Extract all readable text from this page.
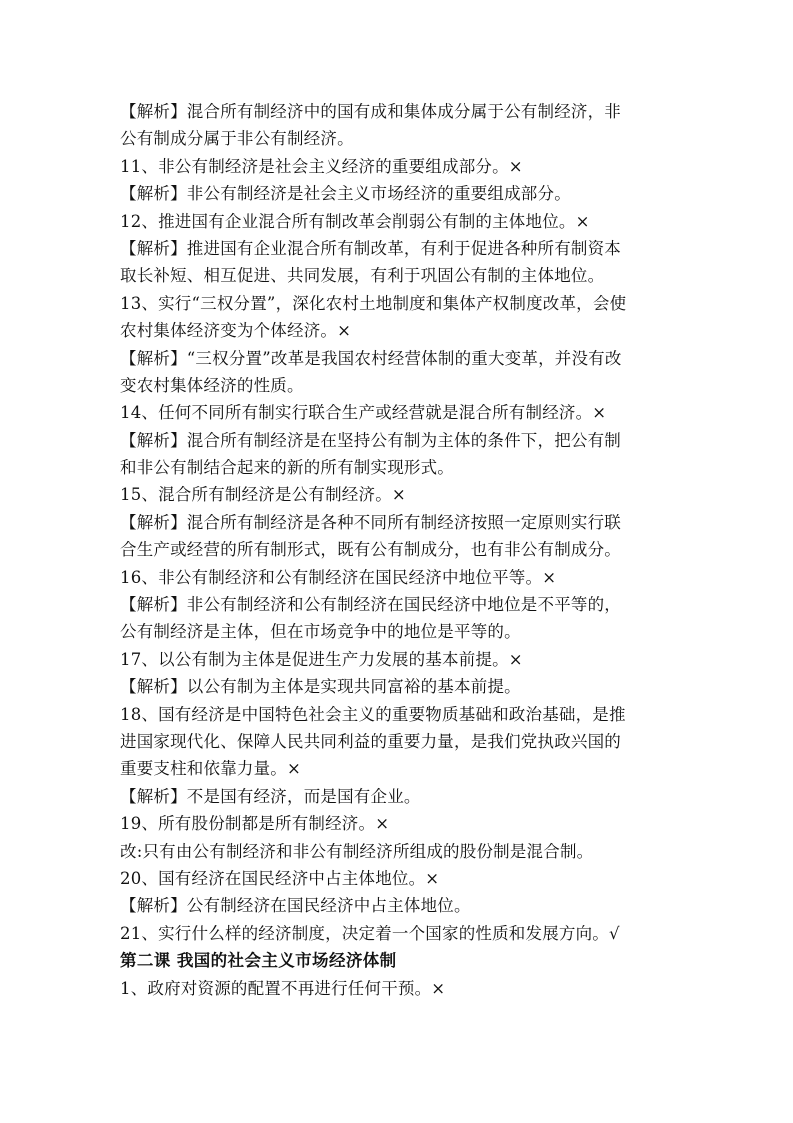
【解析】混合所有制经济中的国有成和集体成分属于公有制经济，非
公有制成分属于非公有制经济。
11、非公有制经济是社会主义经济的重要组成部分。×
【解析】非公有制经济是社会主义市场经济的重要组成部分。
12、推进国有企业混合所有制改革会削弱公有制的主体地位。×
【解析】推进国有企业混合所有制改革，有利于促进各种所有制资本
取长补短、相互促进、共同发展，有利于巩固公有制的主体地位。
13、实行“三权分置”，深化农村土地制度和集体产权制度改革，会使
农村集体经济变为个体经济。×
【解析】“三权分置”改革是我国农村经营体制的重大变革，并没有改
变农村集体经济的性质。
14、任何不同所有制实行联合生产或经营就是混合所有制经济。×
【解析】混合所有制经济是在坚持公有制为主体的条件下，把公有制
和非公有制结合起来的新的所有制实现形式。
15、混合所有制经济是公有制经济。×
【解析】混合所有制经济是各种不同所有制经济按照一定原则实行联
合生产或经营的所有制形式，既有公有制成分，也有非公有制成分。
16、非公有制经济和公有制经济在国民经济中地位平等。×
【解析】非公有制经济和公有制经济在国民经济中地位是不平等的，
公有制经济是主体，但在市场竞争中的地位是平等的。
17、以公有制为主体是促进生产力发展的基本前提。×
【解析】以公有制为主体是实现共同富裕的基本前提。
18、国有经济是中国特色社会主义的重要物质基础和政治基础，是推
进国家现代化、保障人民共同利益的重要力量，是我们党执政兴国的
重要支柱和依靠力量。×
【解析】不是国有经济，而是国有企业。
19、所有股份制都是所有制经济。×
改:只有由公有制经济和非公有制经济所组成的股份制是混合制。
20、国有经济在国民经济中占主体地位。×
【解析】公有制经济在国民经济中占主体地位。
21、实行什么样的经济制度，决定着一个国家的性质和发展方向。√
第二课 我国的社会主义市场经济体制
1、政府对资源的配置不再进行任何干预。×
